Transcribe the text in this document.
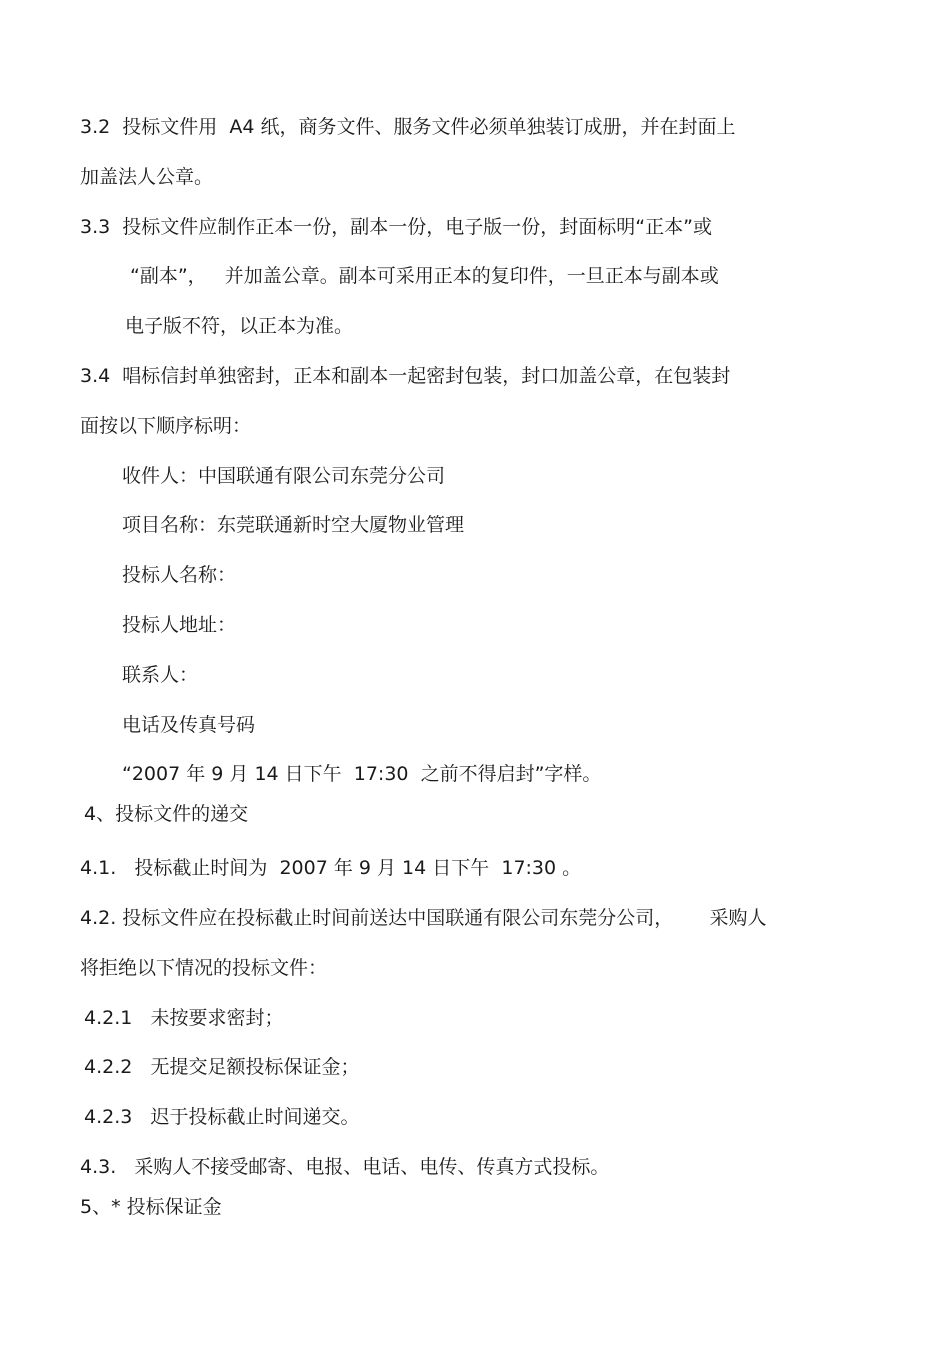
3.2  投标文件用  A4 纸，商务文件、服务文件必须单独装订成册，并在封面上
加盖法人公章。
3.3  投标文件应制作正本一份，副本一份，电子版一份，封面标明“正本”或
“副本”，   并加盖公章。副本可采用正本的复印件，一旦正本与副本或
电子版不符，以正本为准。
3.4  唱标信封单独密封，正本和副本一起密封包装，封口加盖公章，在包装封
面按以下顺序标明：
收件人：中国联通有限公司东莞分公司
项目名称：东莞联通新时空大厦物业管理
投标人名称：
投标人地址：
联系人：
电话及传真号码
“2007 年 9 月 14 日下午  17:30  之前不得启封”字样。
4、投标文件的递交
4.1.   投标截止时间为  2007 年 9 月 14 日下午  17:30 。
4.2. 投标文件应在投标截止时间前送达中国联通有限公司东莞分公司，      采购人
将拒绝以下情况的投标文件：
4.2.1   未按要求密封；
4.2.2   无提交足额投标保证金；
4.2.3   迟于投标截止时间递交。
4.3.   采购人不接受邮寄、电报、电话、电传、传真方式投标。
5、* 投标保证金
